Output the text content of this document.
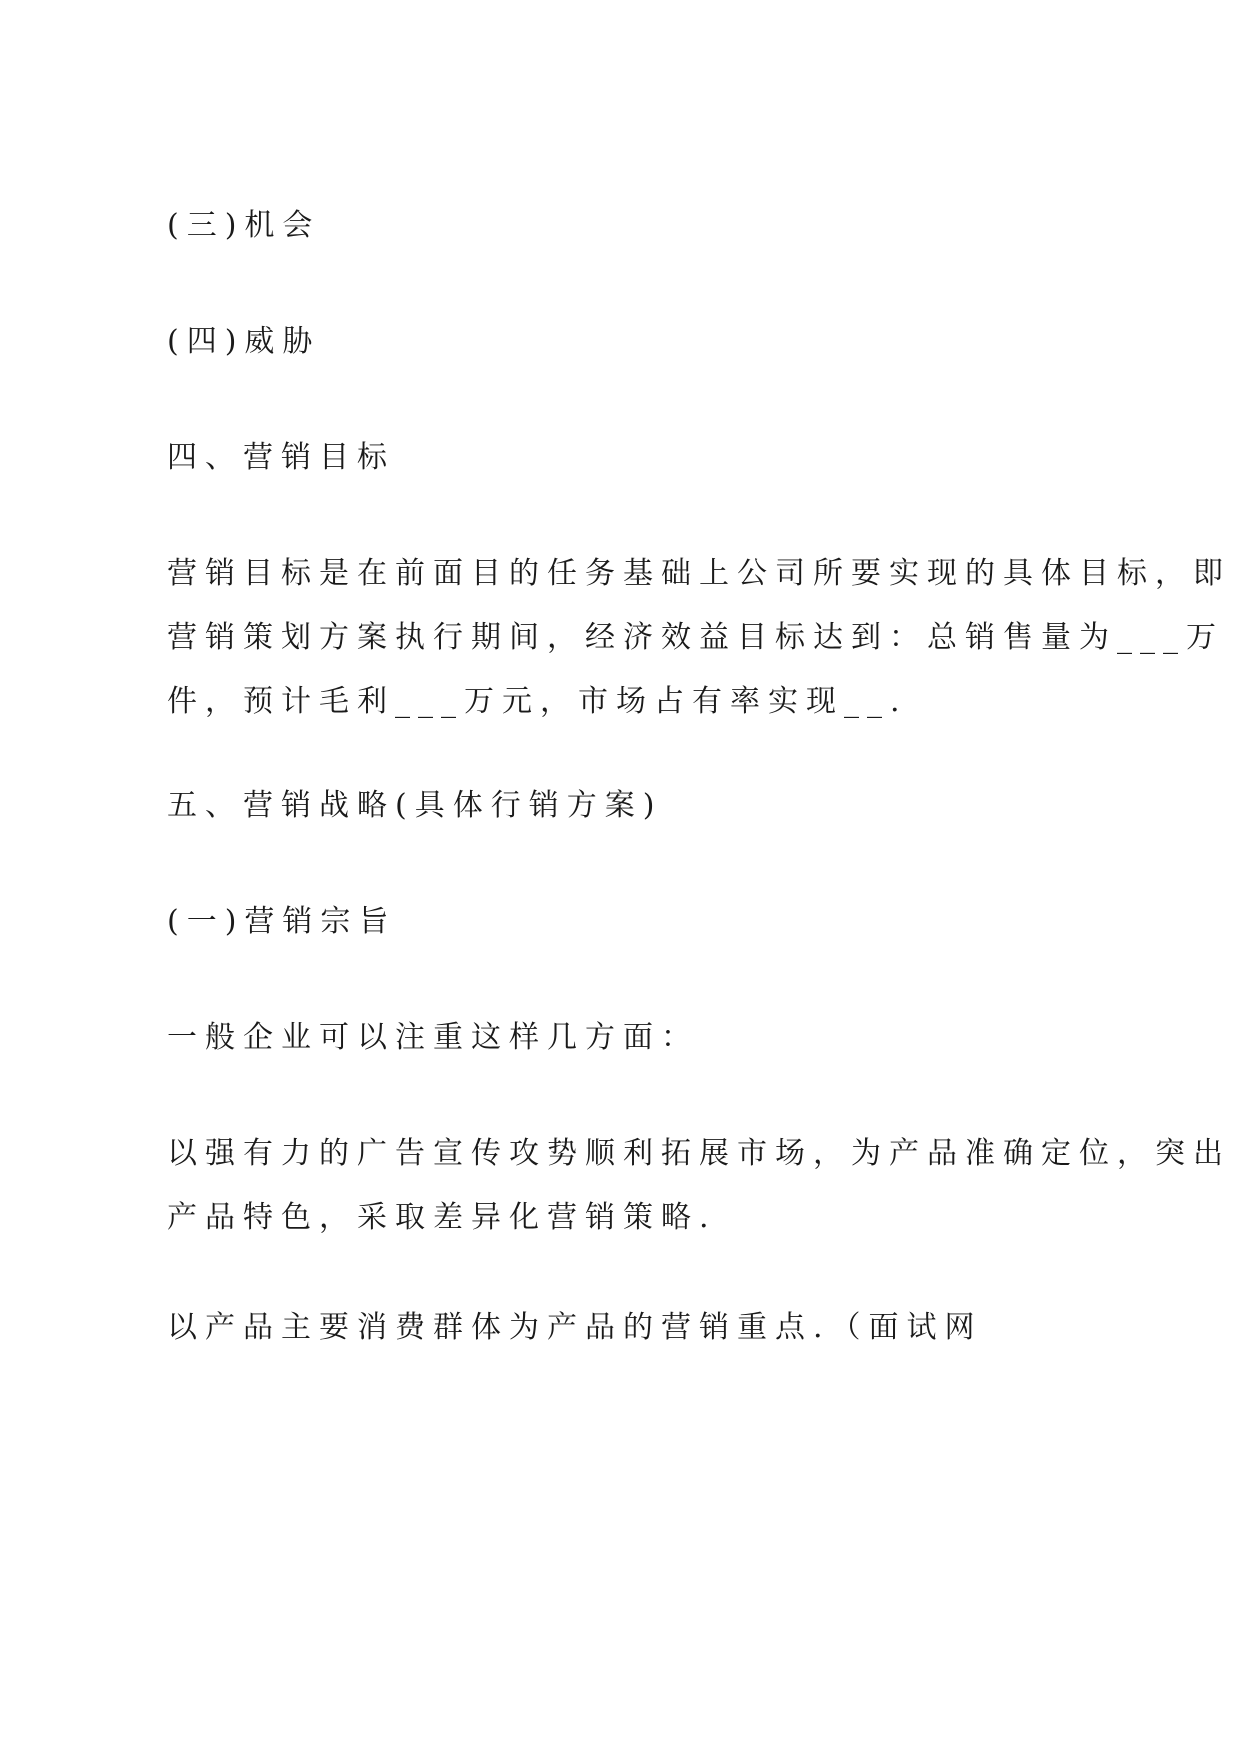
(三)机会
(四)威胁
四、营销目标
营销目标是在前面目的任务基础上公司所要实现的具体目标，即
营销策划方案执行期间，经济效益目标达到：总销售量为___万
件，预计毛利___万元，市场占有率实现__.
五、营销战略(具体行销方案)
(一)营销宗旨
一般企业可以注重这样几方面：
以强有力的广告宣传攻势顺利拓展市场，为产品准确定位，突出
产品特色，采取差异化营销策略.
以产品主要消费群体为产品的营销重点.（面试网
